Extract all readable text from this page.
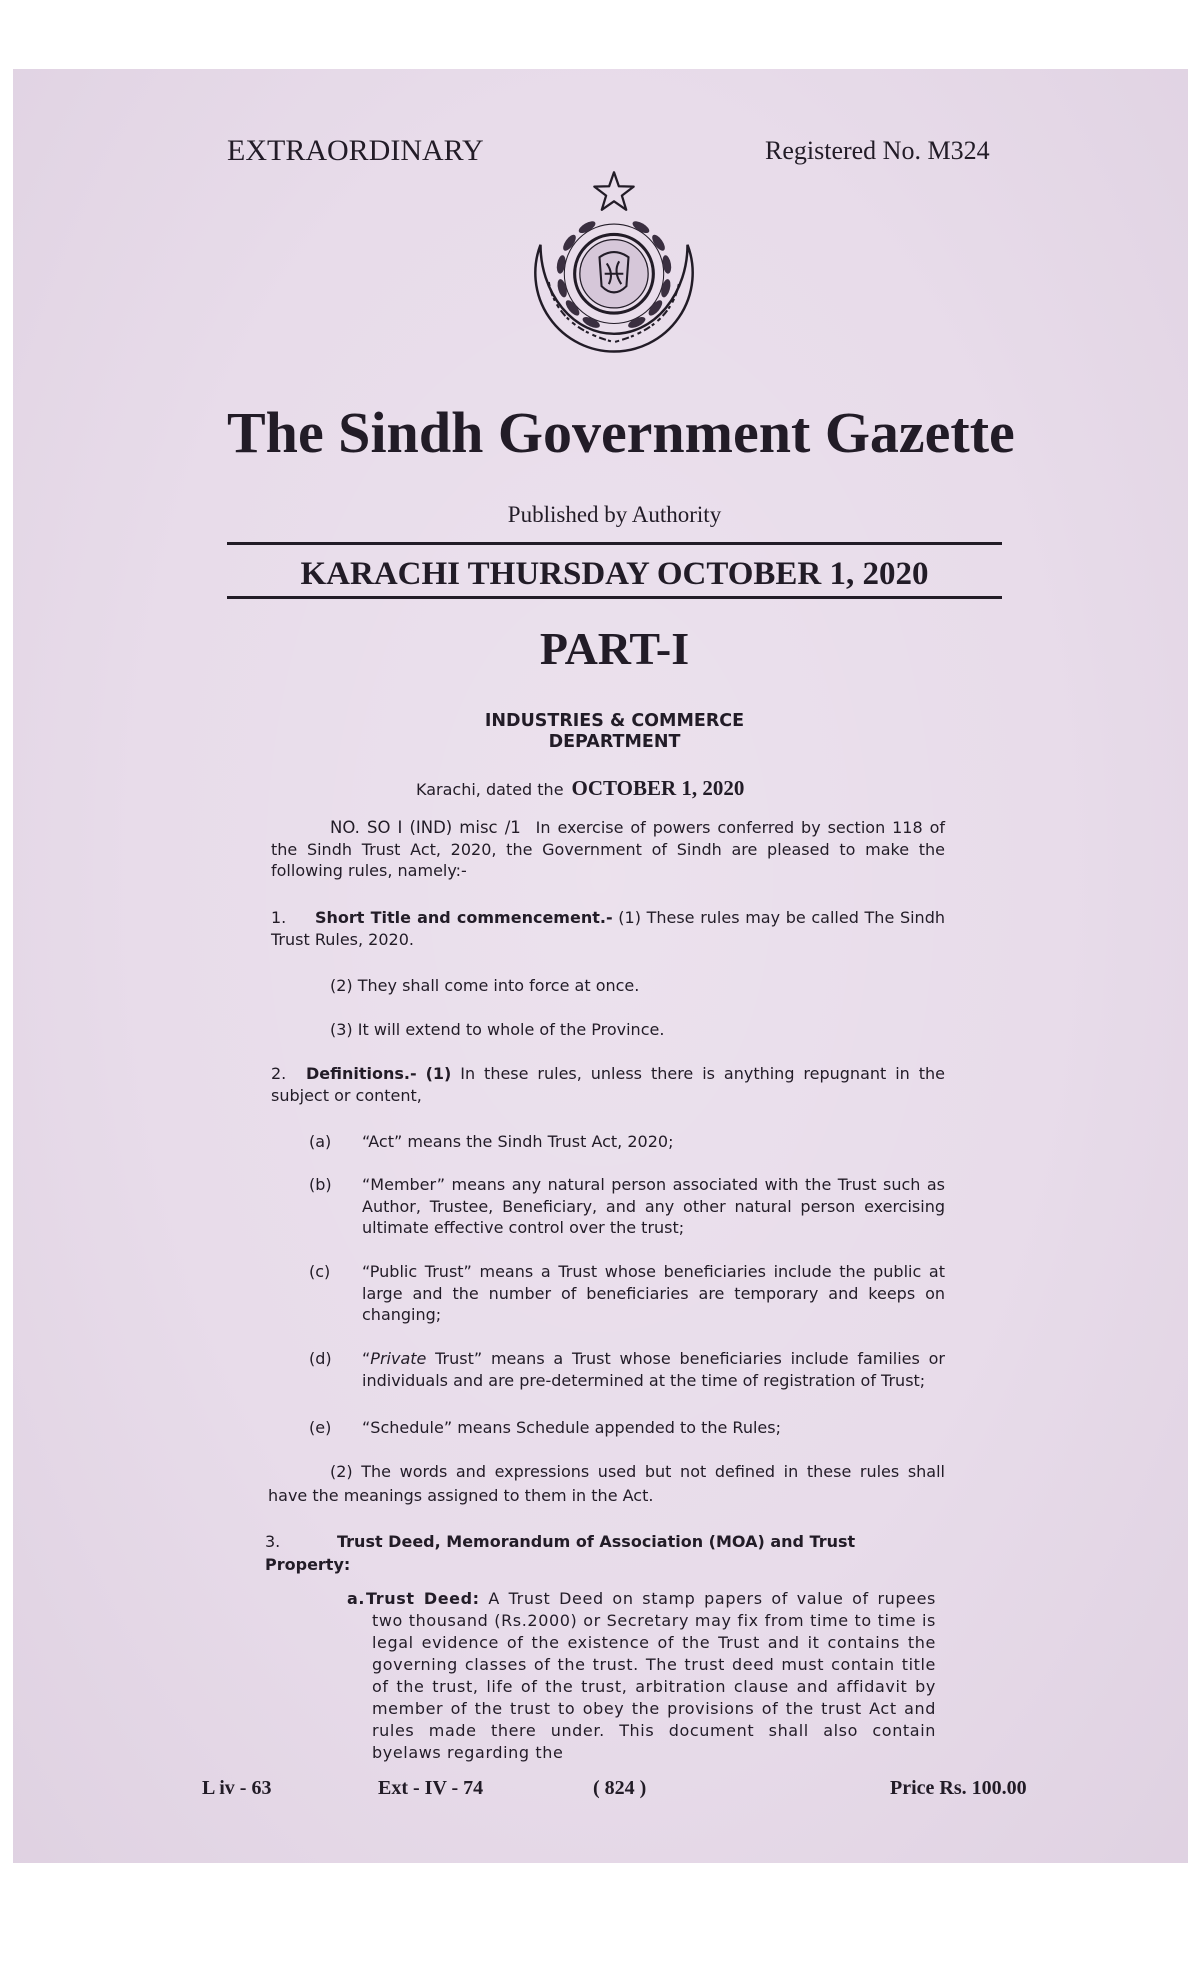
EXTRAORDINARY	Registered No. M324
The Sindh Government Gazette
Published by Authority
KARACHI THURSDAY OCTOBER 1, 2020
PART-I
INDUSTRIES & COMMERCE
DEPARTMENT
Karachi, dated the OCTOBER 1, 2020

NO. SO I (IND) misc /1 In exercise of powers conferred by section 118 of the Sindh Trust Act, 2020, the Government of Sindh are pleased to make the following rules, namely:-

1. Short Title and commencement.- (1) These rules may be called The Sindh Trust Rules, 2020.

(2) They shall come into force at once.

(3) It will extend to whole of the Province.

2. Definitions.- (1) In these rules, unless there is anything repugnant in the subject or content,

(a)	“Act” means the Sindh Trust Act, 2020;
(b)	“Member” means any natural person associated with the Trust such as Author, Trustee, Beneficiary, and any other natural person exercising ultimate effective control over the trust;
(c)	“Public Trust” means a Trust whose beneficiaries include the public at large and the number of beneficiaries are temporary and keeps on changing;
(d)	“Private Trust” means a Trust whose beneficiaries include families or individuals and are pre-determined at the time of registration of Trust;
(e)	“Schedule” means Schedule appended to the Rules;

(2) The words and expressions used but not defined in these rules shall have the meanings assigned to them in the Act.

3.	Trust Deed, Memorandum of Association (MOA) and Trust Property:

a.Trust Deed: A Trust Deed on stamp papers of value of rupees two thousand (Rs.2000) or Secretary may fix from time to time is legal evidence of the existence of the Trust and it contains the governing classes of the trust. The trust deed must contain title of the trust, life of the trust, arbitration clause and affidavit by member of the trust to obey the provisions of the trust Act and rules made there under. This document shall also contain byelaws regarding the

L iv - 63	Ext - IV - 74	( 824 )	Price Rs. 100.00
